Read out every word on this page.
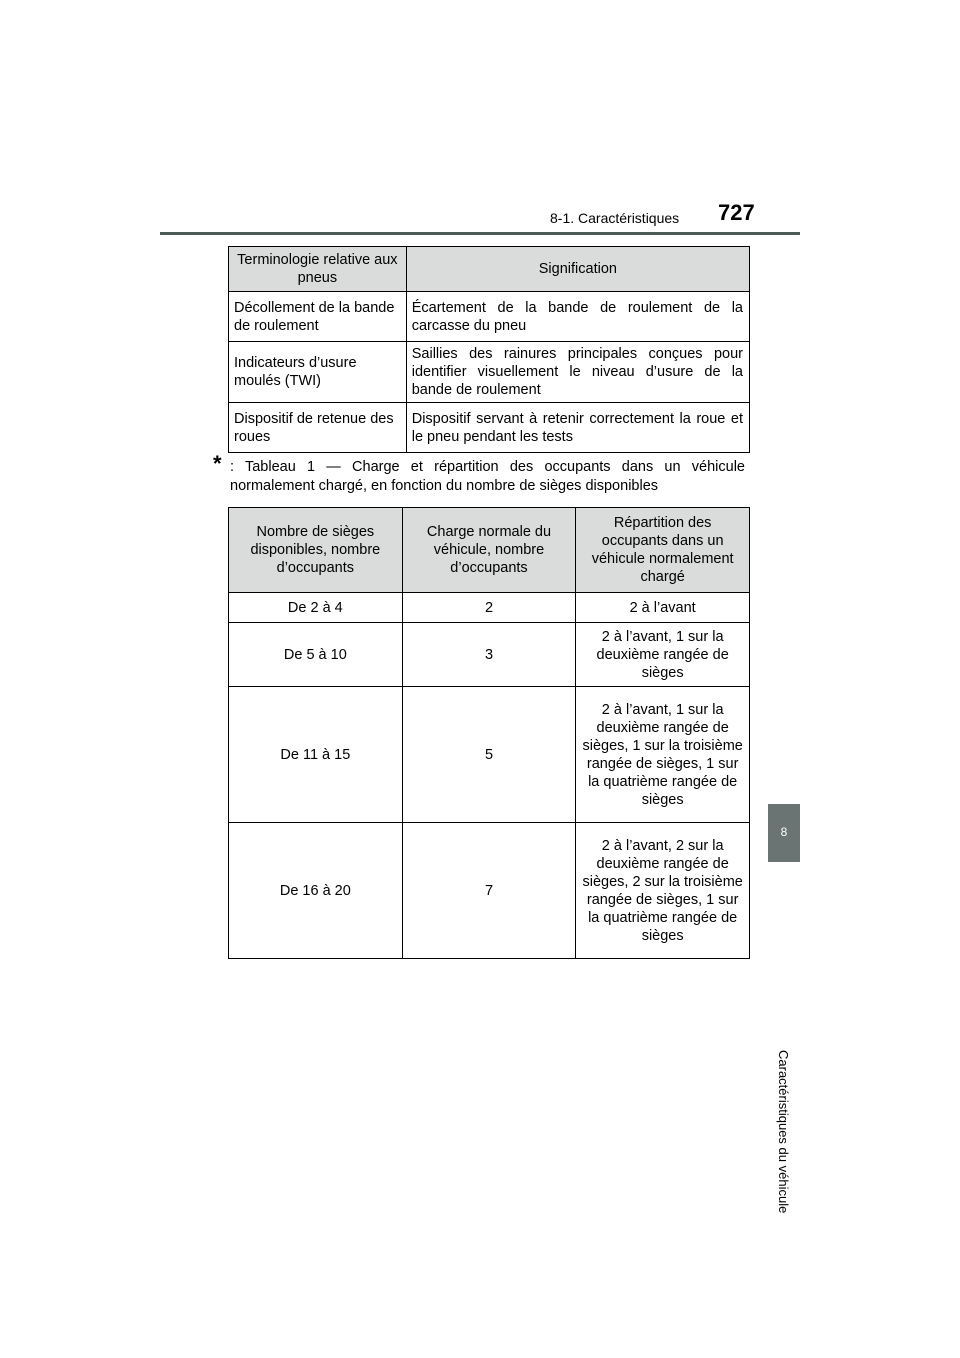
8-1. Caractéristiques 727
8
Caractéristiques du véhicule
Terminologie relative aux pneus	Signification
Décollement de la bande de roulement	Écartement de la bande de roulement de la carcasse du pneu
Indicateurs d’usure moulés (TWI)	Saillies des rainures principales conçues pour identifier visuellement le niveau d’usure de la bande de roulement
Dispositif de retenue des roues	Dispositif servant à retenir correctement la roue et le pneu pendant les tests
* : Tableau 1 — Charge et répartition des occupants dans un véhicule normalement chargé, en fonction du nombre de sièges disponibles
Nombre de sièges disponibles, nombre d’occupants	Charge normale du véhicule, nombre d’occupants	Répartition des occupants dans un véhicule normalement chargé
De 2 à 4	2	2 à l’avant
De 5 à 10	3	2 à l’avant, 1 sur la deuxième rangée de sièges
De 11 à 15	5	2 à l’avant, 1 sur la deuxième rangée de sièges, 1 sur la troisième rangée de sièges, 1 sur la quatrième rangée de sièges
De 16 à 20	7	2 à l’avant, 2 sur la deuxième rangée de sièges, 2 sur la troisième rangée de sièges, 1 sur la quatrième rangée de sièges
